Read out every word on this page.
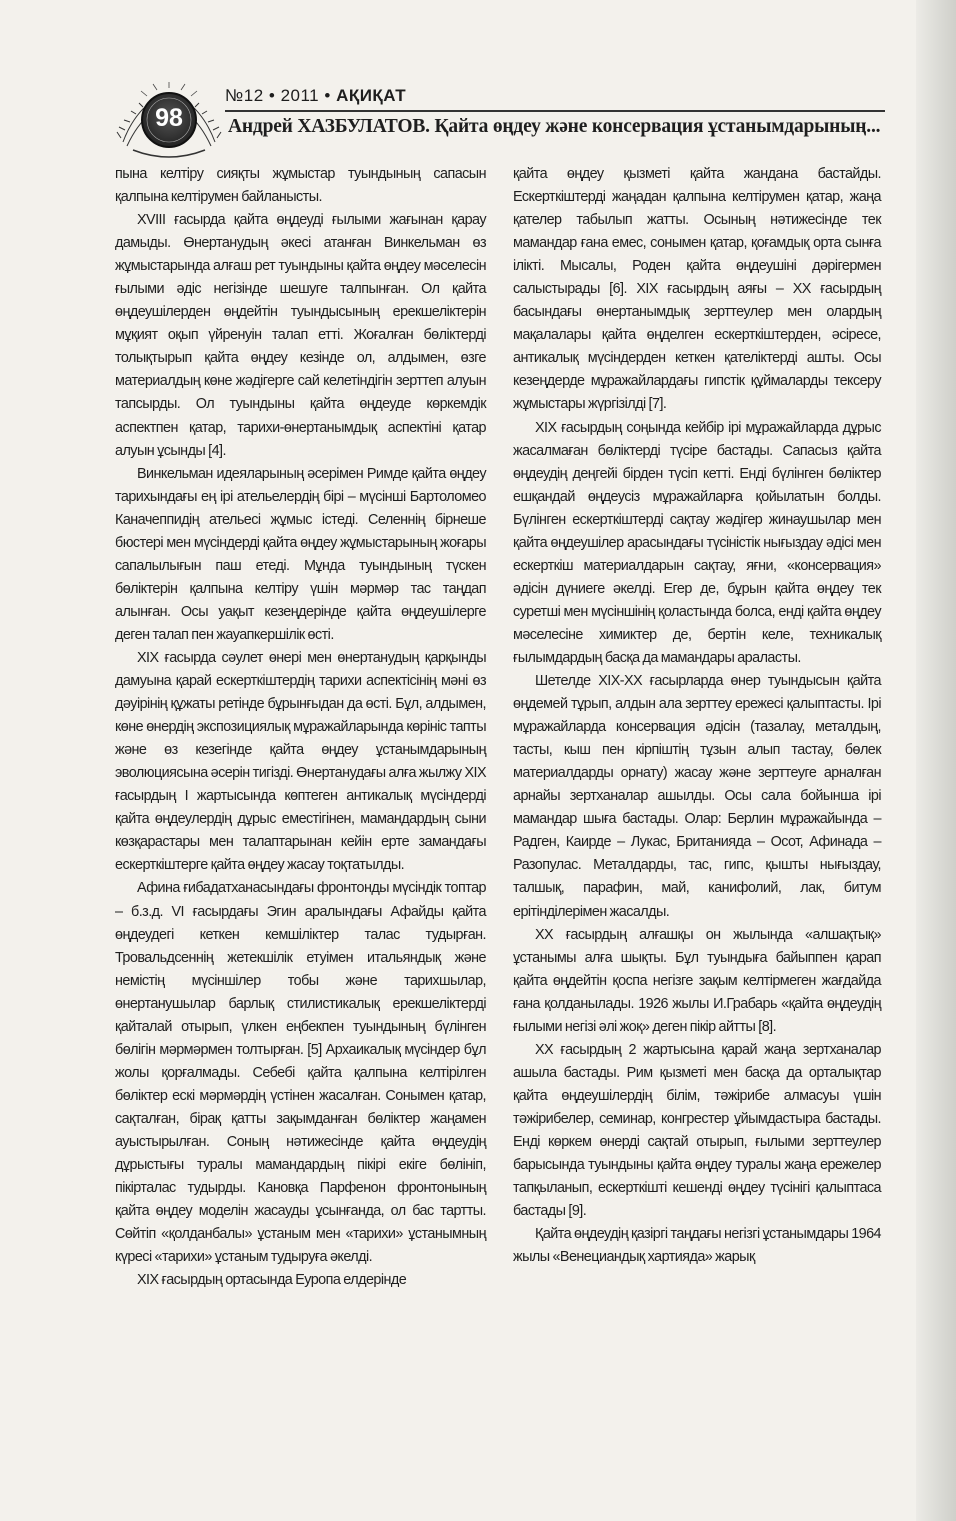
98
№12 • 2011 • АҚИҚАТ
Андрей ХАЗБУЛАТОВ. Қайта өңдеу және консервация ұстанымдарының...

пына келтіру сияқты жұмыстар туындының сапасын қалпына келтірумен байланысты.

XVIII ғасырда қайта өңдеуді ғылыми жағынан қарау дамыды. Өнертанудың әкесі атанған Винкельман өз жұмыстарында алғаш рет туындыны қайта өңдеу мәселесін ғылыми әдіс негізінде шешуге талпынған. Ол қайта өңдеушілерден өңдейтін туындысының ерекшеліктерін мұқият оқып үйренуін талап етті. Жоғалған бөліктерді толықтырып қайта өңдеу кезінде ол, алдымен, өзге материалдың көне жәдігерге сай келетіндігін зерттеп алуын тапсырды. Ол туындыны қайта өңдеуде көркемдік аспектпен қатар, тарихи-өнертанымдық аспектіні қатар алуын ұсынды [4].

Винкельман идеяларының әсерімен Римде қайта өңдеу тарихындағы ең ірі ательелердің бірі – мүсінші Бартоломео Каначеппидің ательесі жұмыс істеді. Селеннің бірнеше бюстері мен мүсіндерді қайта өңдеу жұмыстарының жоғары сапалылығын паш етеді. Мұнда туындының түскен бөліктерін қалпына келтіру үшін мәрмәр тас таңдап алынған. Осы уақыт кезеңдерінде қайта өңдеушілерге деген талап пен жауапкершілік өсті.

XIX ғасырда сәулет өнері мен өнертанудың қарқынды дамуына қарай ескерткіштердің тарихи аспектісінің мәні өз дәуірінің құжаты ретінде бұрынғыдан да өсті. Бұл, алдымен, көне өнердің экспозициялық мұражайларында көрініс тапты және өз кезегінде қайта өңдеу ұстанымдарының эволюциясына әсерін тигізді. Өнертанудағы алға жылжу XIX ғасырдың I жартысында көптеген антикалық мүсіндерді қайта өңдеулердің дұрыс еместігінен, мамандардың сыни көзқарастары мен талаптарынан кейін ерте замандағы ескерткіштерге қайта өңдеу жасау тоқтатылды.

Афина ғибадатханасындағы фронтонды мүсіндік топтар – б.з.д. VI ғасырдағы Эгин аралындағы Афайды қайта өңдеудегі кеткен кемшіліктер талас тудырған. Тровальдсеннің жетекшілік етуімен итальяндық және немістің мүсіншілер тобы және тарихшылар, өнертанушылар барлық стилистикалық ерекшеліктерді қайталай отырып, үлкен еңбекпен туындының бүлінген бөлігін мәрмәрмен толтырған. [5] Архаикалық мүсіндер бұл жолы қорғалмады. Себебі қайта қалпына келтірілген бөліктер ескі мәрмәрдің үстінен жасалған. Сонымен қатар, сақталған, бірақ қатты зақымданған бөліктер жаңамен ауыстырылған. Соның нәтижесінде қайта өңдеудің дұрыстығы туралы мамандардың пікірі екіге бөлініп, пікірталас тудырды. Кановқа Парфенон фронтонының қайта өңдеу моделін жасауды ұсынғанда, ол бас тартты. Сөйтіп «қолданбалы» ұстаным мен «тарихи» ұстанымның күресі «тарихи» ұстаным тудыруға әкелді.

XIX ғасырдың ортасында Еуропа елдерінде

қайта өңдеу қызметі қайта жандана бастайды. Ескерткіштерді жаңадан қалпына келтірумен қатар, жаңа қателер табылып жатты. Осының нәтижесінде тек мамандар ғана емес, сонымен қатар, қоғамдық орта сынға ілікті. Мысалы, Роден қайта өңдеушіні дәрігермен салыстырады [6]. XIX ғасырдың аяғы – XX ғасырдың басындағы өнертанымдық зерттеулер мен олардың мақалалары қайта өңделген ескерткіштерден, әсіресе, антикалық мүсіндерден кеткен қателіктерді ашты. Осы кезеңдерде мұражайлардағы гипстік құймаларды тексеру жұмыстары жүргізілді [7].

XIX ғасырдың соңында кейбір ірі мұражайларда дұрыс жасалмаған бөліктерді түсіре бастады. Сапасыз қайта өңдеудің деңгейі бірден түсіп кетті. Енді бүлінген бөліктер ешқандай өңдеусіз мұражайларға қойылатын болды. Бүлінген ескерткіштерді сақтау жәдігер жинаушылар мен қайта өңдеушілер арасындағы түсіністік нығыздау әдісі мен ескерткіш материалдарын сақтау, яғни, «консервация» әдісін дүниеге әкелді. Егер де, бұрын қайта өңдеу тек суретші мен мүсіншінің қоластында болса, енді қайта өңдеу мәселесіне химиктер де, бертін келе, техникалық ғылымдардың басқа да мамандары араласты.

Шетелде XIX-XX ғасырларда өнер туындысын қайта өңдемей тұрып, алдын ала зерттеу ережесі қалыптасты. Ірі мұражайларда консервация әдісін (тазалау, металдың, тасты, кыш пен кірпіштің тұзын алып тастау, бөлек материалдарды орнату) жасау және зерттеуге арналған арнайы зертханалар ашылды. Осы сала бойынша ірі мамандар шыға бастады. Олар: Берлин мұражайында – Радген, Каирде – Лукас, Британияда – Осот, Афинада – Разопулас. Металдарды, тас, гипс, қышты нығыздау, талшық, парафин, май, канифолий, лак, битум ерітінділерімен жасалды.

XX ғасырдың алғашқы он жылында «алшақтық» ұстанымы алға шықты. Бұл туындыға байыппен қарап қайта өңдейтін қоспа негізге зақым келтірмеген жағдайда ғана қолданылады. 1926 жылы И.Грабарь «қайта өңдеудің ғылыми негізі әлі жоқ» деген пікір айтты [8].

XX ғасырдың 2 жартысына қарай жаңа зертханалар ашыла бастады. Рим қызметі мен басқа да орталықтар қайта өңдеушілердің білім, тәжірибе алмасуы үшін тәжірибелер, семинар, конгрестер ұйымдастыра бастады. Енді көркем өнерді сақтай отырып, ғылыми зерттеулер барысында туындыны қайта өңдеу туралы жаңа ережелер тапқыланып, ескерткішті кешенді өңдеу түсінігі қалыптаса бастады [9].

Қайта өңдеудің қазіргі таңдағы негізгі ұстанымдары 1964 жылы «Венециандық хартияда» жарық
